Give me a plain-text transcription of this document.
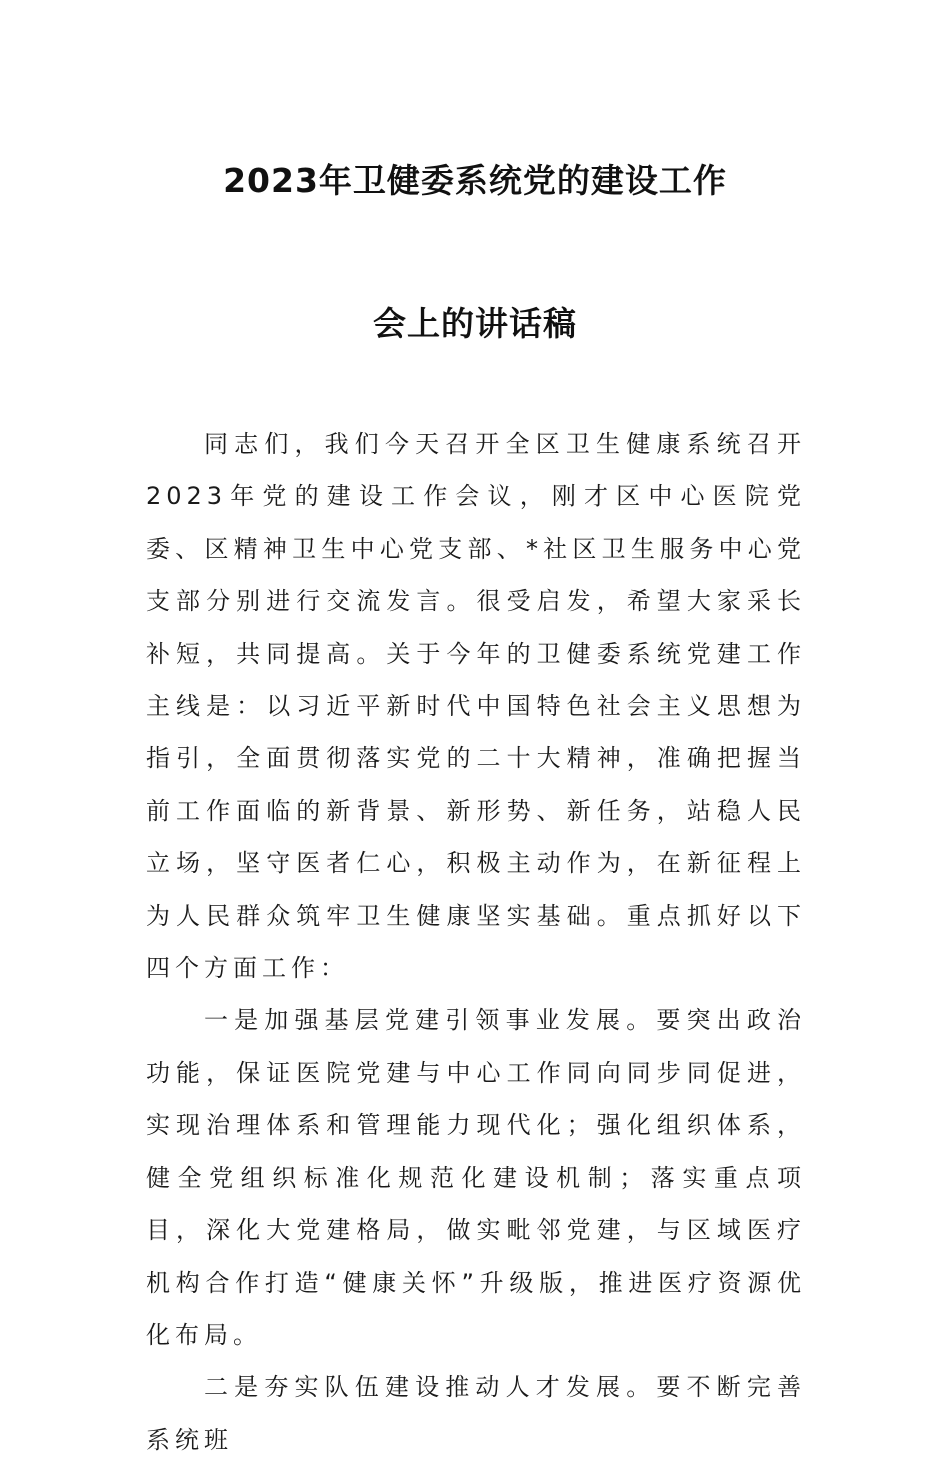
2023年卫健委系统党的建设工作
会上的讲话稿

同志们，我们今天召开全区卫生健康系统召开2023年党的建设工作会议，刚才区中心医院党委、区精神卫生中心党支部、*社区卫生服务中心党支部分别进行交流发言。很受启发，希望大家采长补短，共同提高。关于今年的卫健委系统党建工作主线是：以习近平新时代中国特色社会主义思想为指引，全面贯彻落实党的二十大精神，准确把握当前工作面临的新背景、新形势、新任务，站稳人民立场，坚守医者仁心，积极主动作为，在新征程上为人民群众筑牢卫生健康坚实基础。重点抓好以下四个方面工作：

一是加强基层党建引领事业发展。要突出政治功能，保证医院党建与中心工作同向同步同促进，实现治理体系和管理能力现代化；强化组织体系，健全党组织标准化规范化建设机制；落实重点项目，深化大党建格局，做实毗邻党建，与区域医疗机构合作打造“健康关怀”升级版，推进医疗资源优化布局。

二是夯实队伍建设推动人才发展。要不断完善系统班
